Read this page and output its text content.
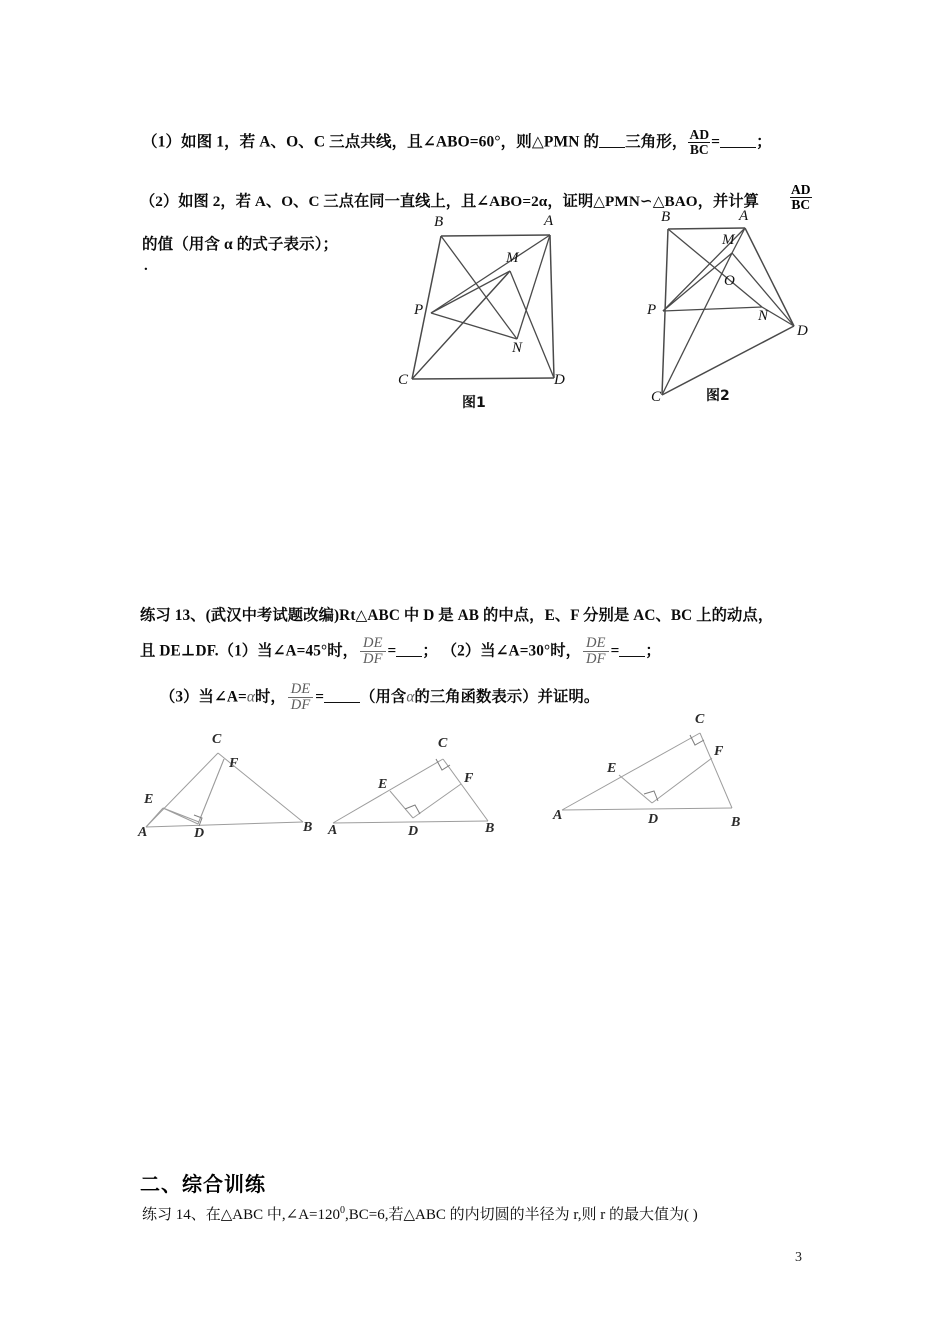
（1）如图 1，若 A、O、C 三点共线，且∠ABO=60°，则△PMN 的 三角形， $\frac{AD}{BC}$ = ；
（2）如图 2，若 A、O、C 三点在同一直线上，且∠ABO=2α，证明△PMN∽△BAO，并计算 $\frac{AD}{BC}$
的值（用含 α 的式子表示）；
.
B	A
M
P
N
C	D
图1
B	A
M
O
P	N
D
C	图2
练习 13、(武汉中考试题改编)Rt△ABC 中 D 是 AB 的中点，E、F 分别是 AC、BC 上的动点，
且 DE⊥DF.（1）当∠A=45°时， $\frac{DE}{DF}$ = ； （2）当∠A=30°时， $\frac{DE}{DF}$ = ；
（3）当∠A=α时， $\frac{DE}{DF}$ = （用含α的三角函数表示）并证明。
C
F
E
A	D	B
C
F
E
A	D	B
C
F
E
A	D	B
二、综合训练
练习 14、在△ABC 中$,\angle A=120^0,BC=6$,若△ABC 的内切圆的半径为 r,则 r 的最大值为( )
3
